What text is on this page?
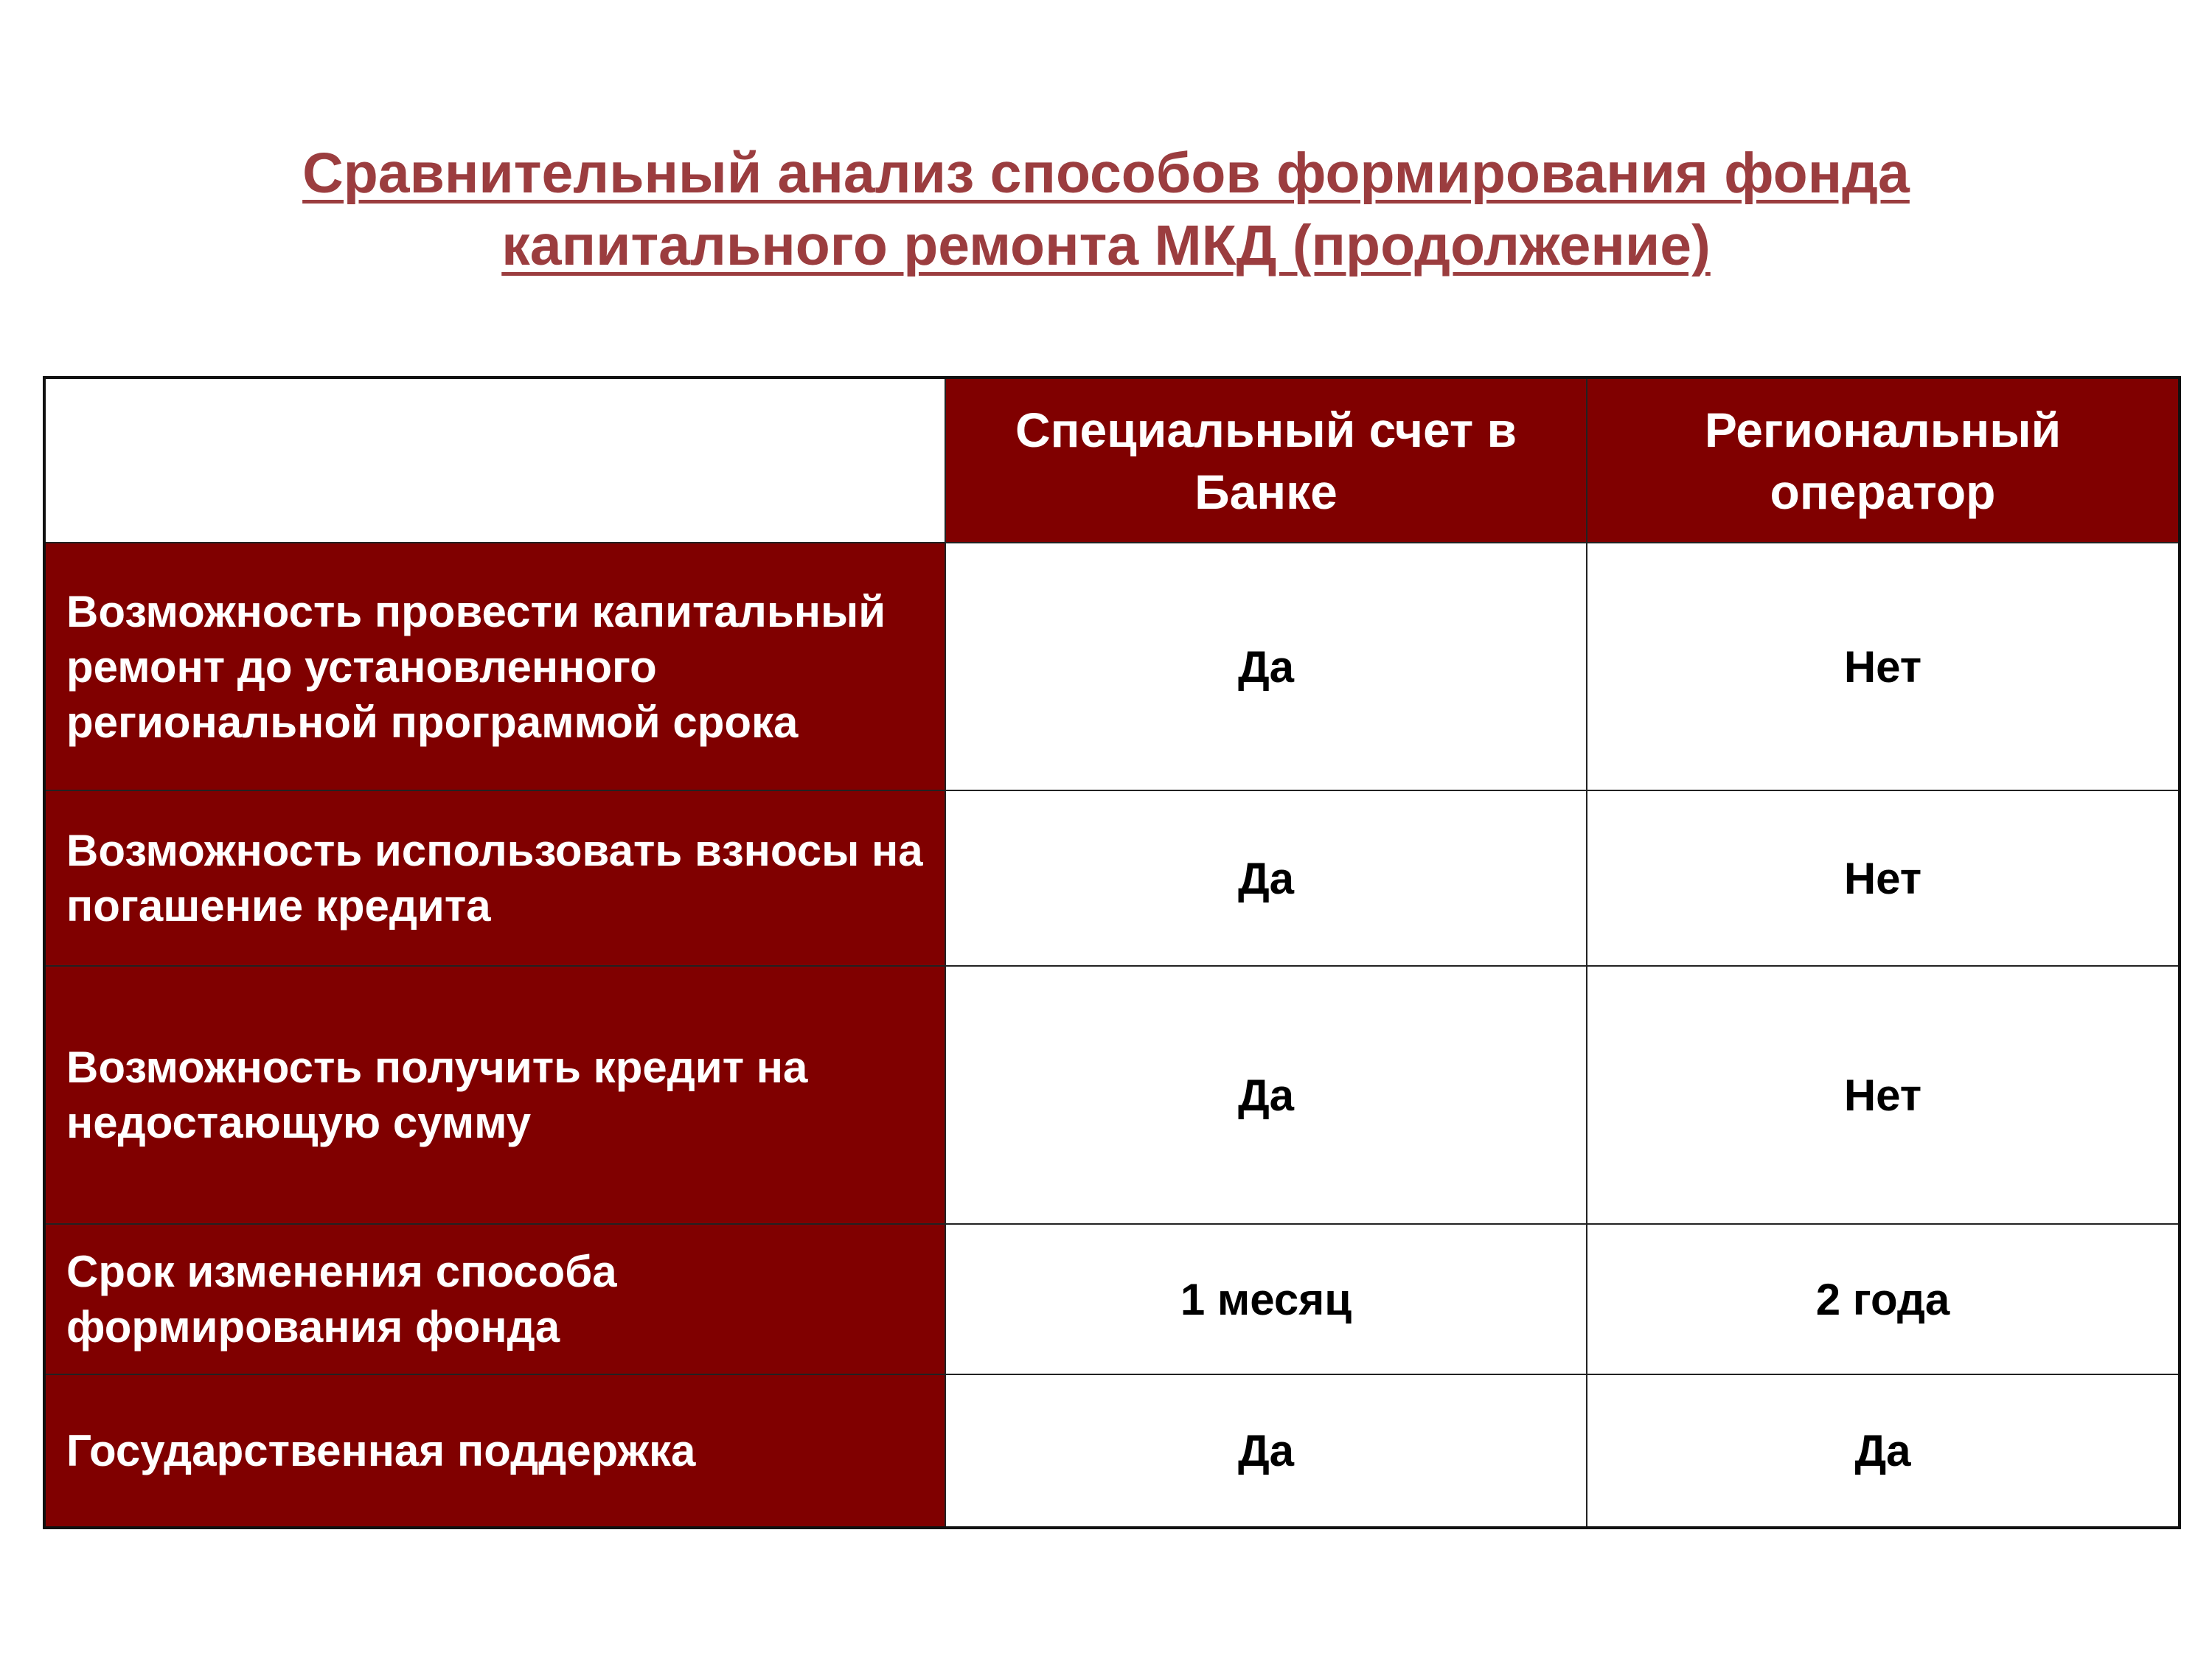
Сравнительный анализ способов формирования фонда
капитального ремонта МКД (продолжение)
	Специальный счет в Банке	Региональный оператор
Возможность провести капитальный ремонт до установленного региональной программой срока	Да	Нет
Возможность использовать взносы на погашение кредита	Да	Нет
Возможность получить кредит на недостающую сумму	Да	Нет
Срок изменения способа формирования фонда	1 месяц	2 года
Государственная поддержка	Да	Да
